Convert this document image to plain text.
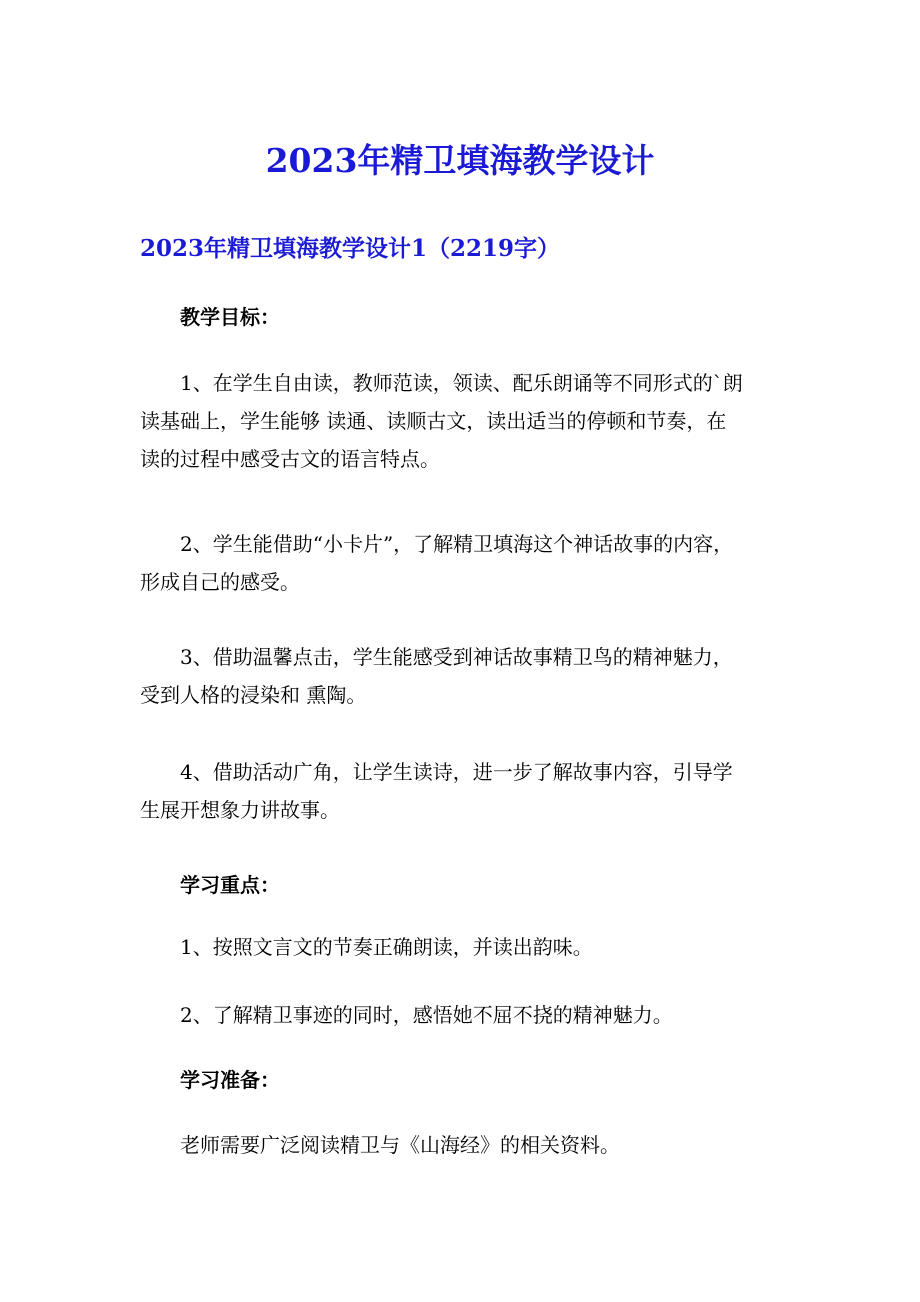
2023年精卫填海教学设计
2023年精卫填海教学设计1（2219字）

教学目标：

1、在学生自由读，教师范读，领读、配乐朗诵等不同形式的`朗
读基础上，学生能够 读通、读顺古文，读出适当的停顿和节奏，在
读的过程中感受古文的语言特点。

2、学生能借助“小卡片”，了解精卫填海这个神话故事的内容，
形成自己的感受。

3、借助温馨点击，学生能感受到神话故事精卫鸟的精神魅力，
受到人格的浸染和 熏陶。

4、借助活动广角，让学生读诗，进一步了解故事内容，引导学
生展开想象力讲故事。

学习重点：

1、按照文言文的节奏正确朗读，并读出韵味。

2、了解精卫事迹的同时，感悟她不屈不挠的精神魅力。

学习准备：

老师需要广泛阅读精卫与《山海经》的相关资料。
